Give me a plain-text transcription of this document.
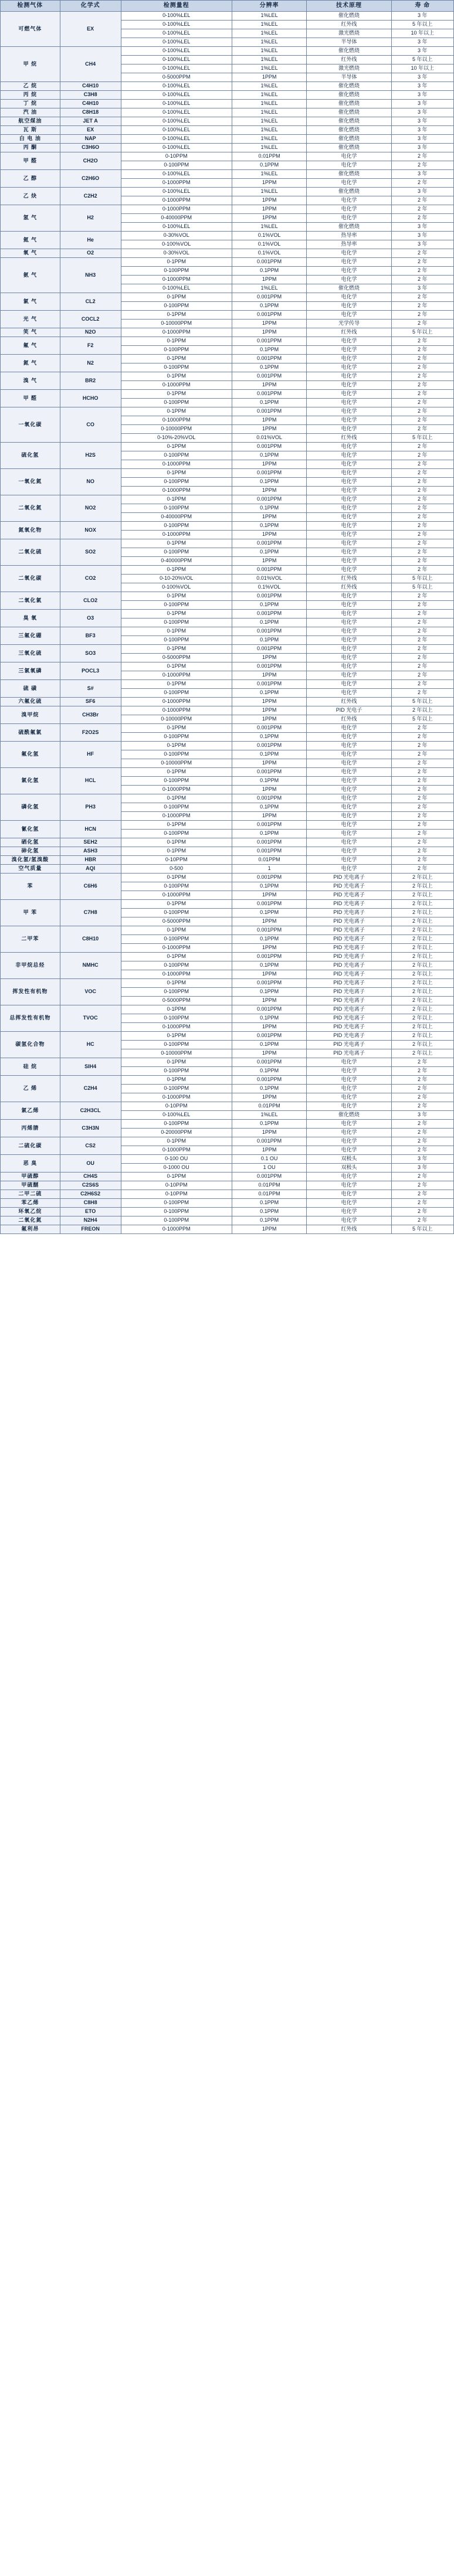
检测气体	化学式	检测量程	分辨率	技术原理	寿 命
可燃气体	EX	0-100%LEL	1%LEL	催化燃烧	3 年
		0-100%LEL	1%LEL	红外线	5 年以上
		0-100%LEL	1%LEL	激光燃烧	10 年以上
		0-100%LEL	1%LEL	半导体	3 年
甲 烷	CH4	0-100%LEL	1%LEL	催化燃烧	3 年
		0-100%LEL	1%LEL	红外线	5 年以上
		0-100%LEL	1%LEL	激光燃烧	10 年以上
		0-5000PPM	1PPM	半导体	3 年
乙 烷	C4H10	0-100%LEL	1%LEL	催化燃烧	3 年
丙 烷	C3H8	0-100%LEL	1%LEL	催化燃烧	3 年
丁 烷	C4H10	0-100%LEL	1%LEL	催化燃烧	3 年
汽 油	C8H18	0-100%LEL	1%LEL	催化燃烧	3 年
航空煤油	JET A	0-100%LEL	1%LEL	催化燃烧	3 年
瓦 斯	EX	0-100%LEL	1%LEL	催化燃烧	3 年
白 电 油	NAP	0-100%LEL	1%LEL	催化燃烧	3 年
丙 酮	C3H6O	0-100%LEL	1%LEL	催化燃烧	3 年
甲 醛	CH2O	0-10PPM	0.01PPM	电化学	2 年
		0-100PPM	0.1PPM	电化学	2 年
乙 醇	C2H6O	0-100%LEL	1%LEL	催化燃烧	3 年
		0-1000PPM	1PPM	电化学	2 年
乙 炔	C2H2	0-100%LEL	1%LEL	催化燃烧	3 年
		0-1000PPM	1PPM	电化学	2 年
氢 气	H2	0-1000PPM	1PPM	电化学	2 年
		0-40000PPM	1PPM	电化学	2 年
		0-100%LEL	1%LEL	催化燃烧	3 年
氦 气	He	0-30%VOL	0.1%VOL	热导率	3 年
		0-100%VOL	0.1%VOL	热导率	3 年
氧 气	O2	0-30%VOL	0.1%VOL	电化学	2 年
氨 气	NH3	0-1PPM	0.001PPM	电化学	2 年
		0-100PPM	0.1PPM	电化学	2 年
		0-1000PPM	1PPM	电化学	2 年
		0-100%LEL	1%LEL	催化燃烧	3 年
氯 气	CL2	0-1PPM	0.001PPM	电化学	2 年
		0-100PPM	0.1PPM	电化学	2 年
光 气	COCL2	0-1PPM	0.001PPM	电化学	2 年
		0-10000PPM	1PPM	光学传导	2 年
笑 气	N2O	0-1000PPM	1PPM	红外线	5 年以上
氟 气	F2	0-1PPM	0.001PPM	电化学	2 年
		0-100PPM	0.1PPM	电化学	2 年
氮 气	N2	0-1PPM	0.001PPM	电化学	2 年
		0-100PPM	0.1PPM	电化学	2 年
溴 气	BR2	0-1PPM	0.001PPM	电化学	2 年
		0-1000PPM	1PPM	电化学	2 年
甲 醛	HCHO	0-1PPM	0.001PPM	电化学	2 年
		0-100PPM	0.1PPM	电化学	2 年
一氧化碳	CO	0-1PPM	0.001PPM	电化学	2 年
		0-1000PPM	1PPM	电化学	2 年
		0-10000PPM	1PPM	电化学	2 年
		0-10%-20%VOL	0.01%VOL	红外线	5 年以上
硫化氢	H2S	0-1PPM	0.001PPM	电化学	2 年
		0-100PPM	0.1PPM	电化学	2 年
		0-1000PPM	1PPM	电化学	2 年
一氧化氮	NO	0-1PPM	0.001PPM	电化学	2 年
		0-100PPM	0.1PPM	电化学	2 年
		0-1000PPM	1PPM	电化学	2 年
二氧化氮	NO2	0-1PPM	0.001PPM	电化学	2 年
		0-100PPM	0.1PPM	电化学	2 年
		0-40000PPM	1PPM	电化学	2 年
氮氧化物	NOX	0-100PPM	0.1PPM	电化学	2 年
		0-1000PPM	1PPM	电化学	2 年
二氧化硫	SO2	0-1PPM	0.001PPM	电化学	2 年
		0-100PPM	0.1PPM	电化学	2 年
		0-40000PPM	1PPM	电化学	2 年
二氧化碳	CO2	0-1PPM	0.001PPM	电化学	2 年
		0-10-20%VOL	0.01%VOL	红外线	5 年以上
		0-100%VOL	0.1%VOL	红外线	5 年以上
二氧化氯	CLO2	0-1PPM	0.001PPM	电化学	2 年
		0-100PPM	0.1PPM	电化学	2 年
臭 氧	O3	0-1PPM	0.001PPM	电化学	2 年
		0-100PPM	0.1PPM	电化学	2 年
三氟化硼	BF3	0-1PPM	0.001PPM	电化学	2 年
		0-100PPM	0.1PPM	电化学	2 年
三氧化硫	SO3	0-1PPM	0.001PPM	电化学	2 年
		0-5000PPM	1PPM	电化学	2 年
三氯氧磷	POCL3	0-1PPM	0.001PPM	电化学	2 年
		0-1000PPM	1PPM	电化学	2 年
硫 磺	S#	0-1PPM	0.001PPM	电化学	2 年
		0-100PPM	0.1PPM	电化学	2 年
六氟化硫	SF6	0-1000PPM	1PPM	红外线	5 年以上
溴甲烷	CH3Br	0-1000PPM	1PPM	PID 光电子	2 年以上
		0-10000PPM	1PPM	红外线	5 年以上
硫酰氟氯	F2O2S	0-1PPM	0.001PPM	电化学	2 年
		0-100PPM	0.1PPM	电化学	2 年
氟化氢	HF	0-1PPM	0.001PPM	电化学	2 年
		0-100PPM	0.1PPM	电化学	2 年
		0-10000PPM	1PPM	电化学	2 年
氯化氢	HCL	0-1PPM	0.001PPM	电化学	2 年
		0-100PPM	0.1PPM	电化学	2 年
		0-1000PPM	1PPM	电化学	2 年
磷化氢	PH3	0-1PPM	0.001PPM	电化学	2 年
		0-100PPM	0.1PPM	电化学	2 年
		0-1000PPM	1PPM	电化学	2 年
氰化氢	HCN	0-1PPM	0.001PPM	电化学	2 年
		0-100PPM	0.1PPM	电化学	2 年
硒化氢	SEH2	0-1PPM	0.001PPM	电化学	2 年
砷化氢	ASH3	0-1PPM	0.001PPM	电化学	2 年
溴化氢/氢溴酸	HBR	0-10PPM	0.01PPM	电化学	2 年
空气质量	AQI	0-500	1	电化学	2 年
苯	C6H6	0-1PPM	0.001PPM	PID 光电离子	2 年以上
		0-100PPM	0.1PPM	PID 光电离子	2 年以上
		0-1000PPM	1PPM	PID 光电离子	2 年以上
甲 苯	C7H8	0-1PPM	0.001PPM	PID 光电离子	2 年以上
		0-100PPM	0.1PPM	PID 光电离子	2 年以上
		0-5000PPM	1PPM	PID 光电离子	2 年以上
二甲苯	C8H10	0-1PPM	0.001PPM	PID 光电离子	2 年以上
		0-100PPM	0.1PPM	PID 光电离子	2 年以上
		0-1000PPM	1PPM	PID 光电离子	2 年以上
非甲烷总烃	NMHC	0-1PPM	0.001PPM	PID 光电离子	2 年以上
		0-100PPM	0.1PPM	PID 光电离子	2 年以上
		0-1000PPM	1PPM	PID 光电离子	2 年以上
挥发性有机物	VOC	0-1PPM	0.001PPM	PID 光电离子	2 年以上
		0-100PPM	0.1PPM	PID 光电离子	2 年以上
		0-5000PPM	1PPM	PID 光电离子	2 年以上
总挥发性有机物	TVOC	0-1PPM	0.001PPM	PID 光电离子	2 年以上
		0-100PPM	0.1PPM	PID 光电离子	2 年以上
		0-1000PPM	1PPM	PID 光电离子	2 年以上
碳氢化合物	HC	0-1PPM	0.001PPM	PID 光电离子	2 年以上
		0-100PPM	0.1PPM	PID 光电离子	2 年以上
		0-10000PPM	1PPM	PID 光电离子	2 年以上
硅 烷	SIH4	0-1PPM	0.001PPM	电化学	2 年
		0-100PPM	0.1PPM	电化学	2 年
乙 烯	C2H4	0-1PPM	0.001PPM	电化学	2 年
		0-100PPM	0.1PPM	电化学	2 年
		0-1000PPM	1PPM	电化学	2 年
氯乙烯	C2H3CL	0-10PPM	0.01PPM	电化学	2 年
		0-100%LEL	1%LEL	催化燃烧	3 年
丙烯腈	C3H3N	0-100PPM	0.1PPM	电化学	2 年
		0-20000PPM	1PPM	电化学	2 年
二硫化碳	CS2	0-1PPM	0.001PPM	电化学	2 年
		0-1000PPM	1PPM	电化学	2 年
恶 臭	OU	0-100 OU	0.1 OU	双极头	3 年
		0-1000 OU	1 OU	双极头	3 年
甲硫醇	CH4S	0-1PPM	0.001PPM	电化学	2 年
甲硫醚	C2S6S	0-10PPM	0.01PPM	电化学	2 年
二甲二硫	C2H6S2	0-10PPM	0.01PPM	电化学	2 年
苯乙烯	C8H8	0-100PPM	0.1PPM	电化学	2 年
环氧乙烷	ETO	0-100PPM	0.1PPM	电化学	2 年
二氧化氮	N2H4	0-100PPM	0.1PPM	电化学	2 年
氟利昂	FREON	0-1000PPM	1PPM	红外线	5 年以上
